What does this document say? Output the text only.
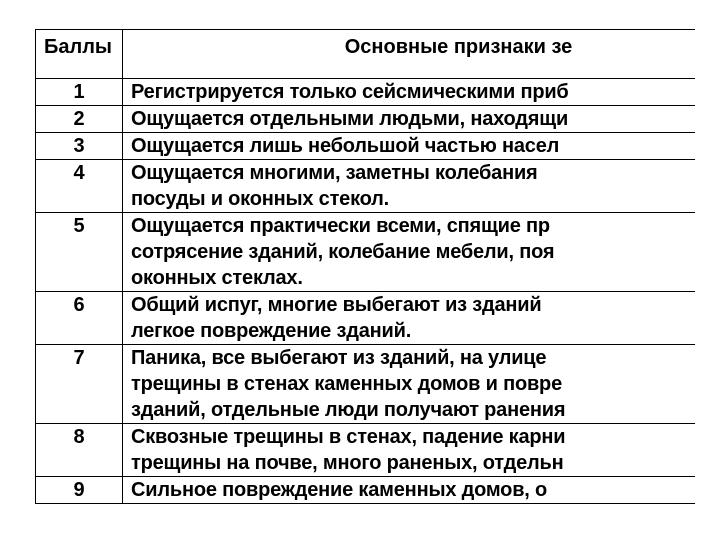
Баллы	Основные признаки зе
1	Регистрируется только сейсмическими приб

2	Ощущается отдельными людьми, находящи

3	Ощущается лишь небольшой частью насел

4	Ощущается многими, заметны колебания
посуды и оконных стекол.

5	Ощущается практически всеми, спящие пр
сотрясение зданий, колебание мебели, поя
оконных стеклах.

6	Общий испуг, многие выбегают из зданий
легкое повреждение зданий.

7	Паника, все выбегают из зданий, на улице
трещины в стенах каменных домов и повре
зданий, отдельные люди получают ранения

8	Сквозные трещины в стенах, падение карни
трещины на почве, много раненых, отдельн

9	Сильное повреждение каменных домов, о
